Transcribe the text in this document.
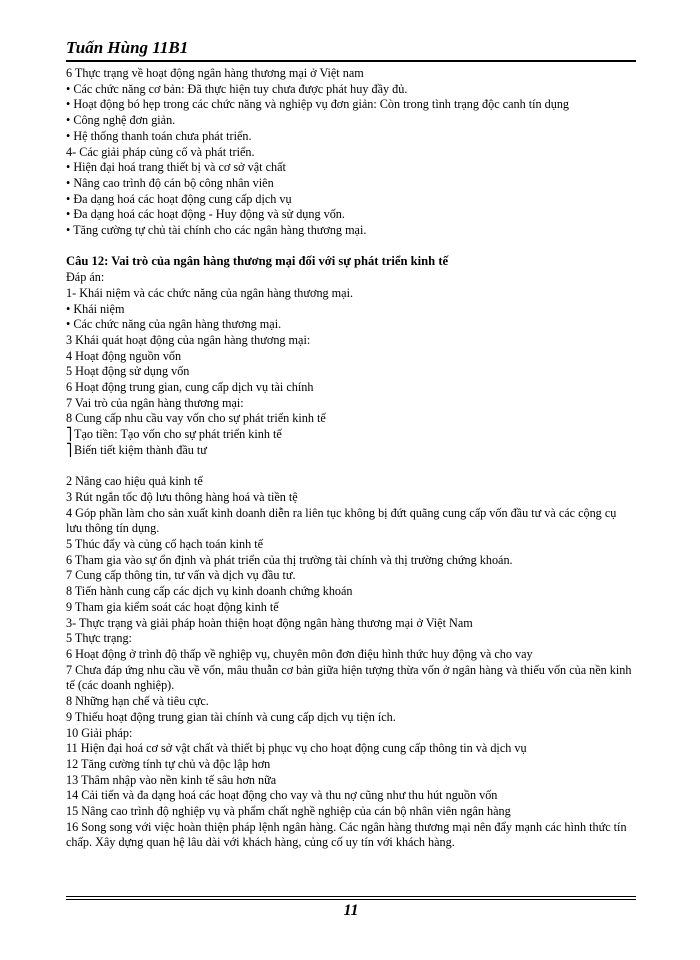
Tuấn Hùng 11B1
6 Thực trạng về hoạt động ngân hàng thương mại ở Việt nam
• Các chức năng cơ bản: Đã thực hiện tuy chưa được phát huy đầy đủ.
• Hoạt động bó hẹp trong các chức năng và nghiệp vụ đơn giản: Còn trong tình trạng độc canh tín dụng
• Công nghệ đơn giản.
• Hệ thống thanh toán chưa phát triển.
4- Các giải pháp củng cố và phát triển.
• Hiện đại hoá trang thiết bị và cơ sở vật chất
• Nâng cao trình độ cán bộ công nhân viên
• Đa dạng hoá các hoạt động cung cấp dịch vụ
• Đa dạng hoá các hoạt động - Huy động và sử dụng vốn.
• Tăng cường tự chủ tài chính cho các ngân hàng thương mại.
Câu 12: Vai trò của ngân hàng thương mại đối với sự phát triển kinh tế
Đáp án:
1- Khái niệm và các chức năng của ngân hàng thương mại.
• Khái niệm
• Các chức năng của ngân hàng thương mại.
3 Khái quát hoạt động của ngân hàng thương mại:
4 Hoạt động nguồn vốn
5 Hoạt động sử dụng vốn
6 Hoạt động trung gian, cung cấp dịch vụ tài chính
7 Vai trò của ngân hàng thương mại:
8 Cung cấp nhu cầu vay vốn cho sự phát triển kinh tế
⎤ Tạo tiền: Tạo vốn cho sự phát triển kinh tế
⎤ Biến tiết kiệm thành đầu tư
2 Nâng cao hiệu quả kinh tế
3 Rút ngắn tốc độ lưu thông hàng hoá và tiền tệ
4 Góp phần làm cho sản xuất kinh doanh diễn ra liên tục không bị đứt quãng cung cấp vốn đầu tư và các cộng cụ lưu thông tín dụng.
5 Thúc đẩy và củng cố hạch toán kinh tế
6 Tham gia vào sự ổn định và phát triển của thị trường tài chính và thị trường chứng khoán.
7 Cung cấp thông tin, tư vấn và dịch vụ đầu tư.
8 Tiến hành cung cấp các dịch vụ kinh doanh chứng khoán
9 Tham gia kiểm soát các hoạt động kinh tế
3- Thực trạng và giải pháp hoàn thiện hoạt động ngân hàng thương mại ở Việt Nam
5 Thực trạng:
6 Hoạt động ở trình độ thấp về nghiệp vụ, chuyên môn đơn điệu hình thức huy động và cho vay
7 Chưa đáp ứng nhu cầu về vốn, mâu thuẫn cơ bản giữa hiện tượng thừa vốn ở ngân hàng và thiếu vốn của nền kinh tế (các doanh nghiệp).
8 Những hạn chế và tiêu cực.
9 Thiếu hoạt động trung gian tài chính và cung cấp dịch vụ tiện ích.
10 Giải pháp:
11 Hiện đại hoá cơ sở vật chất và thiết bị phục vụ cho hoạt động cung cấp thông tin và dịch vụ
12 Tăng cường tính tự chủ và độc lập hơn
13 Thâm nhập vào nền kinh tế sâu hơn nữa
14 Cải tiến và đa dạng hoá các hoạt động cho vay và thu nợ cũng như thu hút nguồn vốn
15 Nâng cao trình độ nghiệp vụ và phẩm chất nghề nghiệp của cán bộ nhân viên ngân hàng
16 Song song với việc hoàn thiện pháp lệnh ngân hàng. Các ngân hàng thương mại nên đẩy mạnh các hình thức tín chấp. Xây dựng quan hệ lâu dài với khách hàng, củng cố uy tín với khách hàng.
11
